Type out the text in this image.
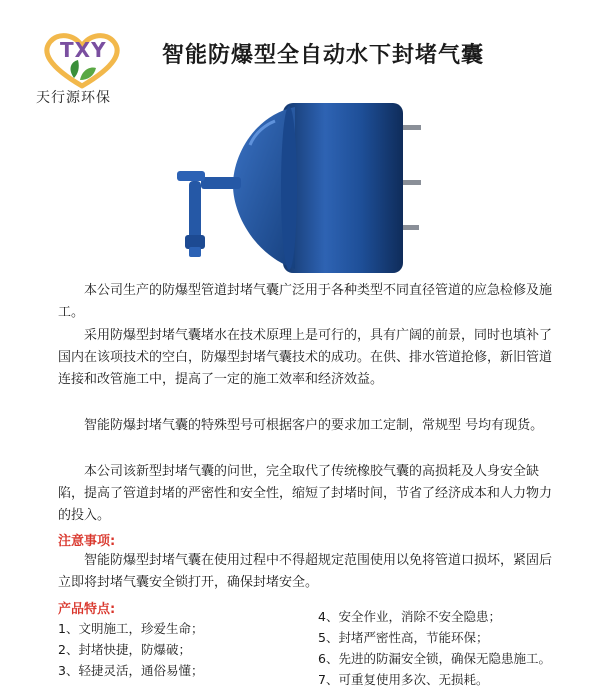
TXY
天行源环保
智能防爆型全自动水下封堵气囊

本公司生产的防爆型管道封堵气囊广泛用于各种类型不同直径管道的应急检修及施工。

采用防爆型封堵气囊堵水在技术原理上是可行的，具有广阔的前景，同时也填补了国内在该项技术的空白，防爆型封堵气囊技术的成功。在供、排水管道抢修，新旧管道连接和改管施工中，提高了一定的施工效率和经济效益。

智能防爆封堵气囊的特殊型号可根据客户的要求加工定制，常规型 号均有现货。

本公司该新型封堵气囊的问世，完全取代了传统橡胶气囊的高损耗及人身安全缺陷，提高了管道封堵的严密性和安全性，缩短了封堵时间，节省了经济成本和人力物力的投入。

注意事项:

智能防爆型封堵气囊在使用过程中不得超规定范围使用以免将管道口损坏，紧固后立即将封堵气囊安全锁打开，确保封堵安全。

产品特点:
1、文明施工，珍爱生命；
2、封堵快捷，防爆破；
3、轻捷灵活，通俗易懂；
4、安全作业，消除不安全隐患；
5、封堵严密性高，节能环保；
6、先进的防漏安全锁，确保无隐患施工。
7、可重复使用多次、无损耗。
